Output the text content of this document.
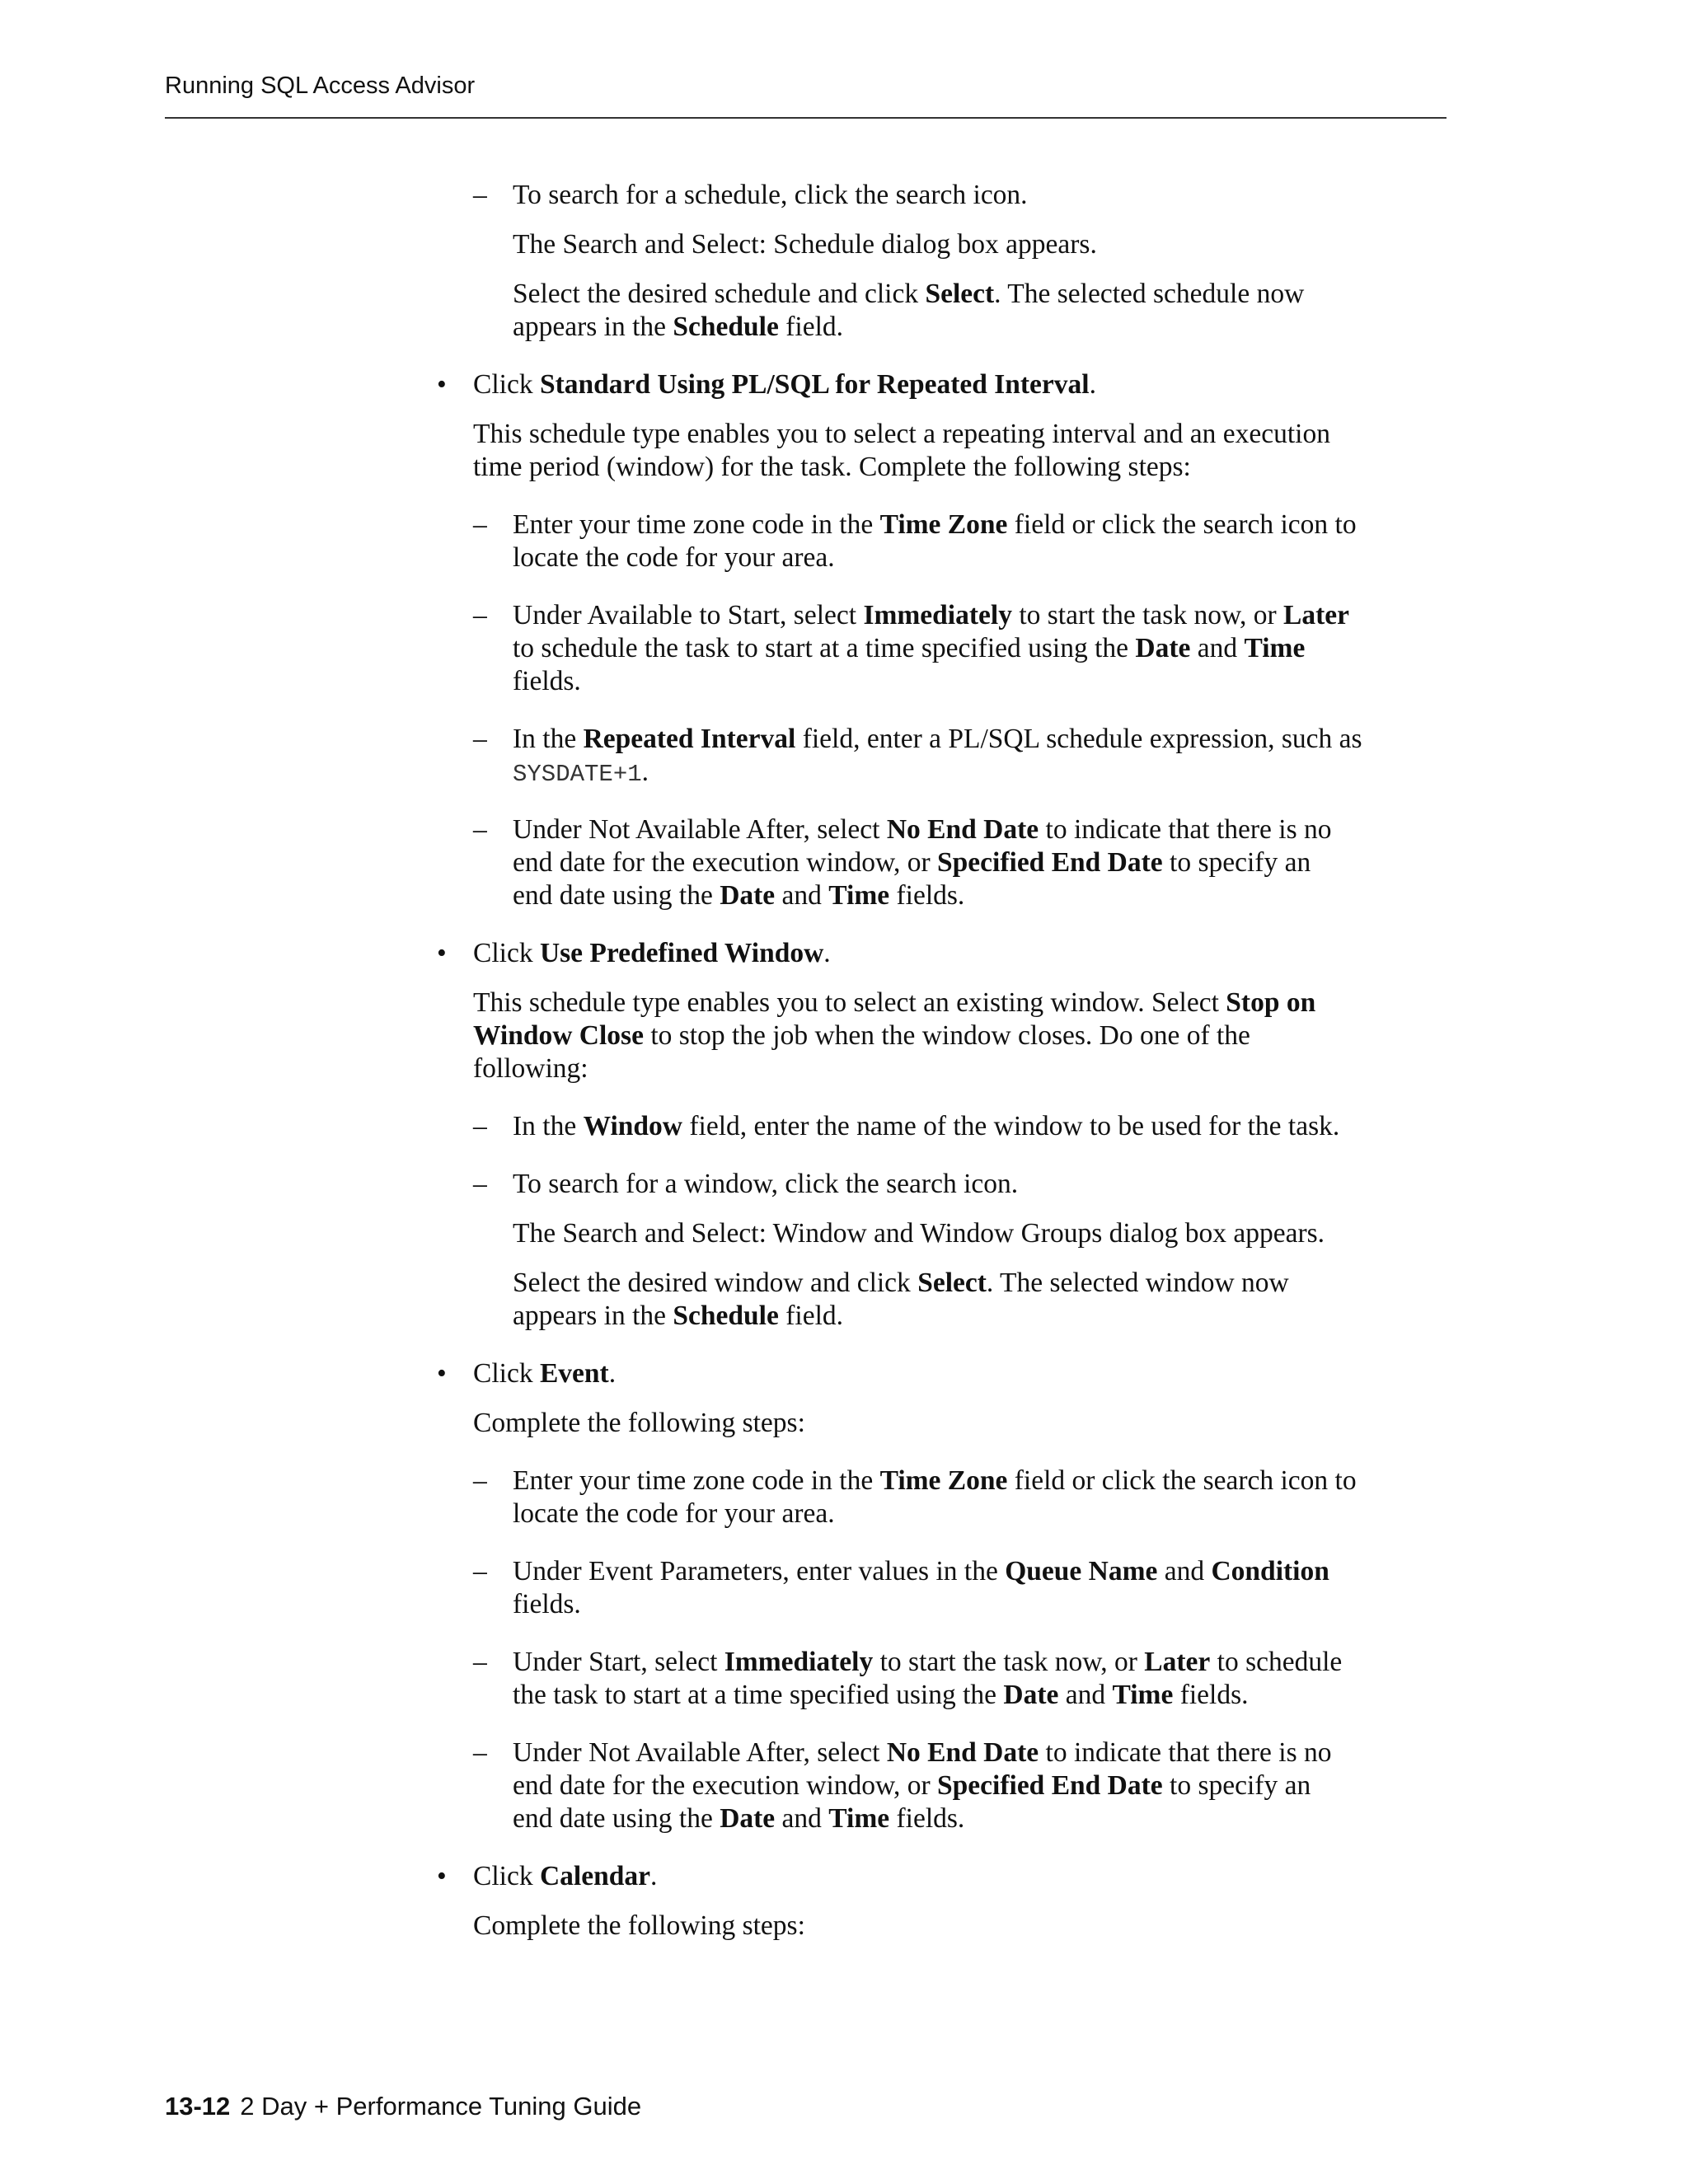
Running SQL Access Advisor
– To search for a schedule, click the search icon.
The Search and Select: Schedule dialog box appears.
Select the desired schedule and click Select. The selected schedule now
appears in the Schedule field.
• Click Standard Using PL/SQL for Repeated Interval.
This schedule type enables you to select a repeating interval and an execution
time period (window) for the task. Complete the following steps:
– Enter your time zone code in the Time Zone field or click the search icon to
locate the code for your area.
– Under Available to Start, select Immediately to start the task now, or Later
to schedule the task to start at a time specified using the Date and Time
fields.
– In the Repeated Interval field, enter a PL/SQL schedule expression, such as
SYSDATE+1.
– Under Not Available After, select No End Date to indicate that there is no
end date for the execution window, or Specified End Date to specify an
end date using the Date and Time fields.
• Click Use Predefined Window.
This schedule type enables you to select an existing window. Select Stop on
Window Close to stop the job when the window closes. Do one of the
following:
– In the Window field, enter the name of the window to be used for the task.
– To search for a window, click the search icon.
The Search and Select: Window and Window Groups dialog box appears.
Select the desired window and click Select. The selected window now
appears in the Schedule field.
• Click Event.
Complete the following steps:
– Enter your time zone code in the Time Zone field or click the search icon to
locate the code for your area.
– Under Event Parameters, enter values in the Queue Name and Condition
fields.
– Under Start, select Immediately to start the task now, or Later to schedule
the task to start at a time specified using the Date and Time fields.
– Under Not Available After, select No End Date to indicate that there is no
end date for the execution window, or Specified End Date to specify an
end date using the Date and Time fields.
• Click Calendar.
Complete the following steps:
13-12 2 Day + Performance Tuning Guide
